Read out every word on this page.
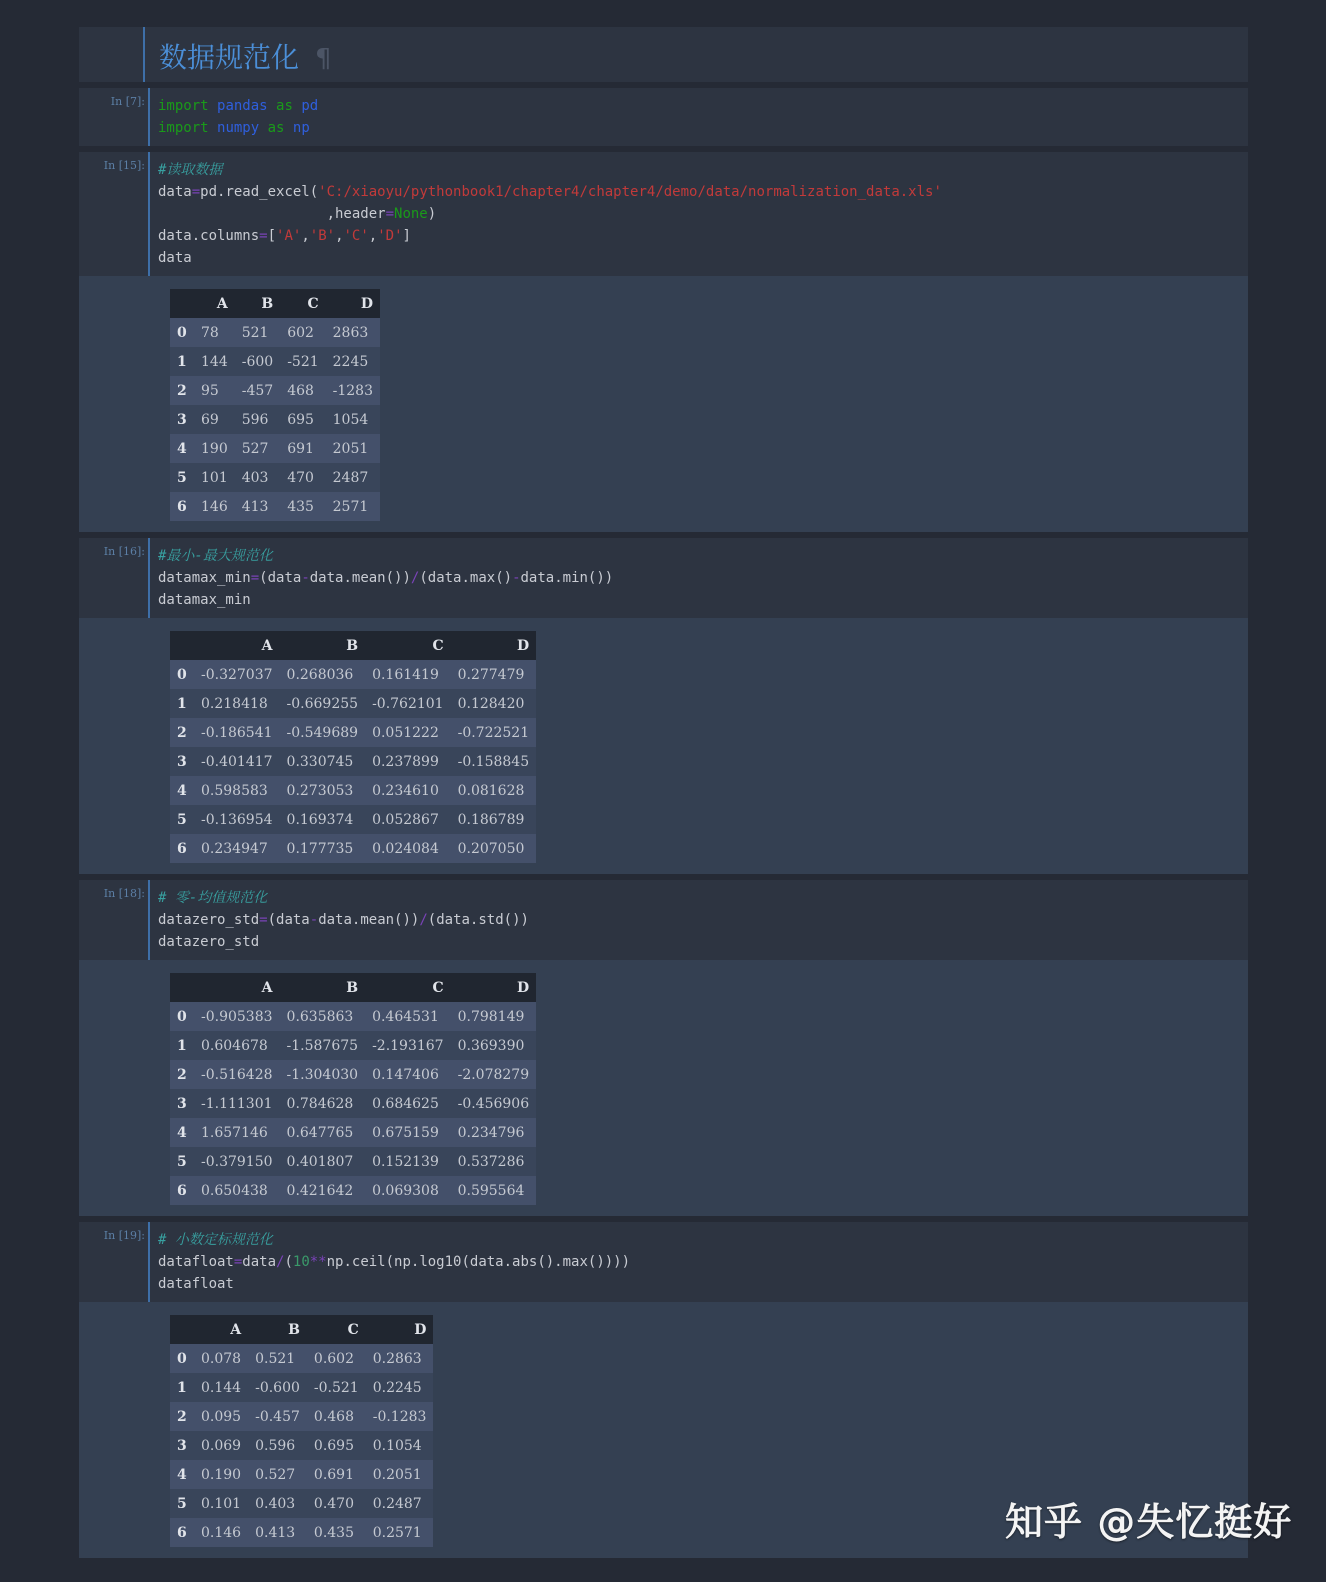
数据规范化 ¶
In [7]: import pandas as pd
import numpy as np
In [15]: #读取数据
data=pd.read_excel('C:/xiaoyu/pythonbook1/chapter4/chapter4/demo/data/normalization_data.xls'
,header=None)
data.columns=['A','B','C','D']
data
	A	B	C	D
0	78	521	602	2863
1	144	-600	-521	2245
2	95	-457	468	-1283
3	69	596	695	1054
4	190	527	691	2051
5	101	403	470	2487
6	146	413	435	2571
In [16]: #最小-最大规范化
datamax_min=(data-data.mean())/(data.max()-data.min())
datamax_min
	A	B	C	D
0	-0.327037	0.268036	0.161419	0.277479
1	0.218418	-0.669255	-0.762101	0.128420
2	-0.186541	-0.549689	0.051222	-0.722521
3	-0.401417	0.330745	0.237899	-0.158845
4	0.598583	0.273053	0.234610	0.081628
5	-0.136954	0.169374	0.052867	0.186789
6	0.234947	0.177735	0.024084	0.207050
In [18]: # 零-均值规范化
datazero_std=(data-data.mean())/(data.std())
datazero_std
	A	B	C	D
0	-0.905383	0.635863	0.464531	0.798149
1	0.604678	-1.587675	-2.193167	0.369390
2	-0.516428	-1.304030	0.147406	-2.078279
3	-1.111301	0.784628	0.684625	-0.456906
4	1.657146	0.647765	0.675159	0.234796
5	-0.379150	0.401807	0.152139	0.537286
6	0.650438	0.421642	0.069308	0.595564
In [19]: # 小数定标规范化
datafloat=data/(10**np.ceil(np.log10(data.abs().max())))
datafloat
	A	B	C	D
0	0.078	0.521	0.602	0.2863
1	0.144	-0.600	-0.521	0.2245
2	0.095	-0.457	0.468	-0.1283
3	0.069	0.596	0.695	0.1054
4	0.190	0.527	0.691	0.2051
5	0.101	0.403	0.470	0.2487
6	0.146	0.413	0.435	0.2571	知乎 @失忆挺好
